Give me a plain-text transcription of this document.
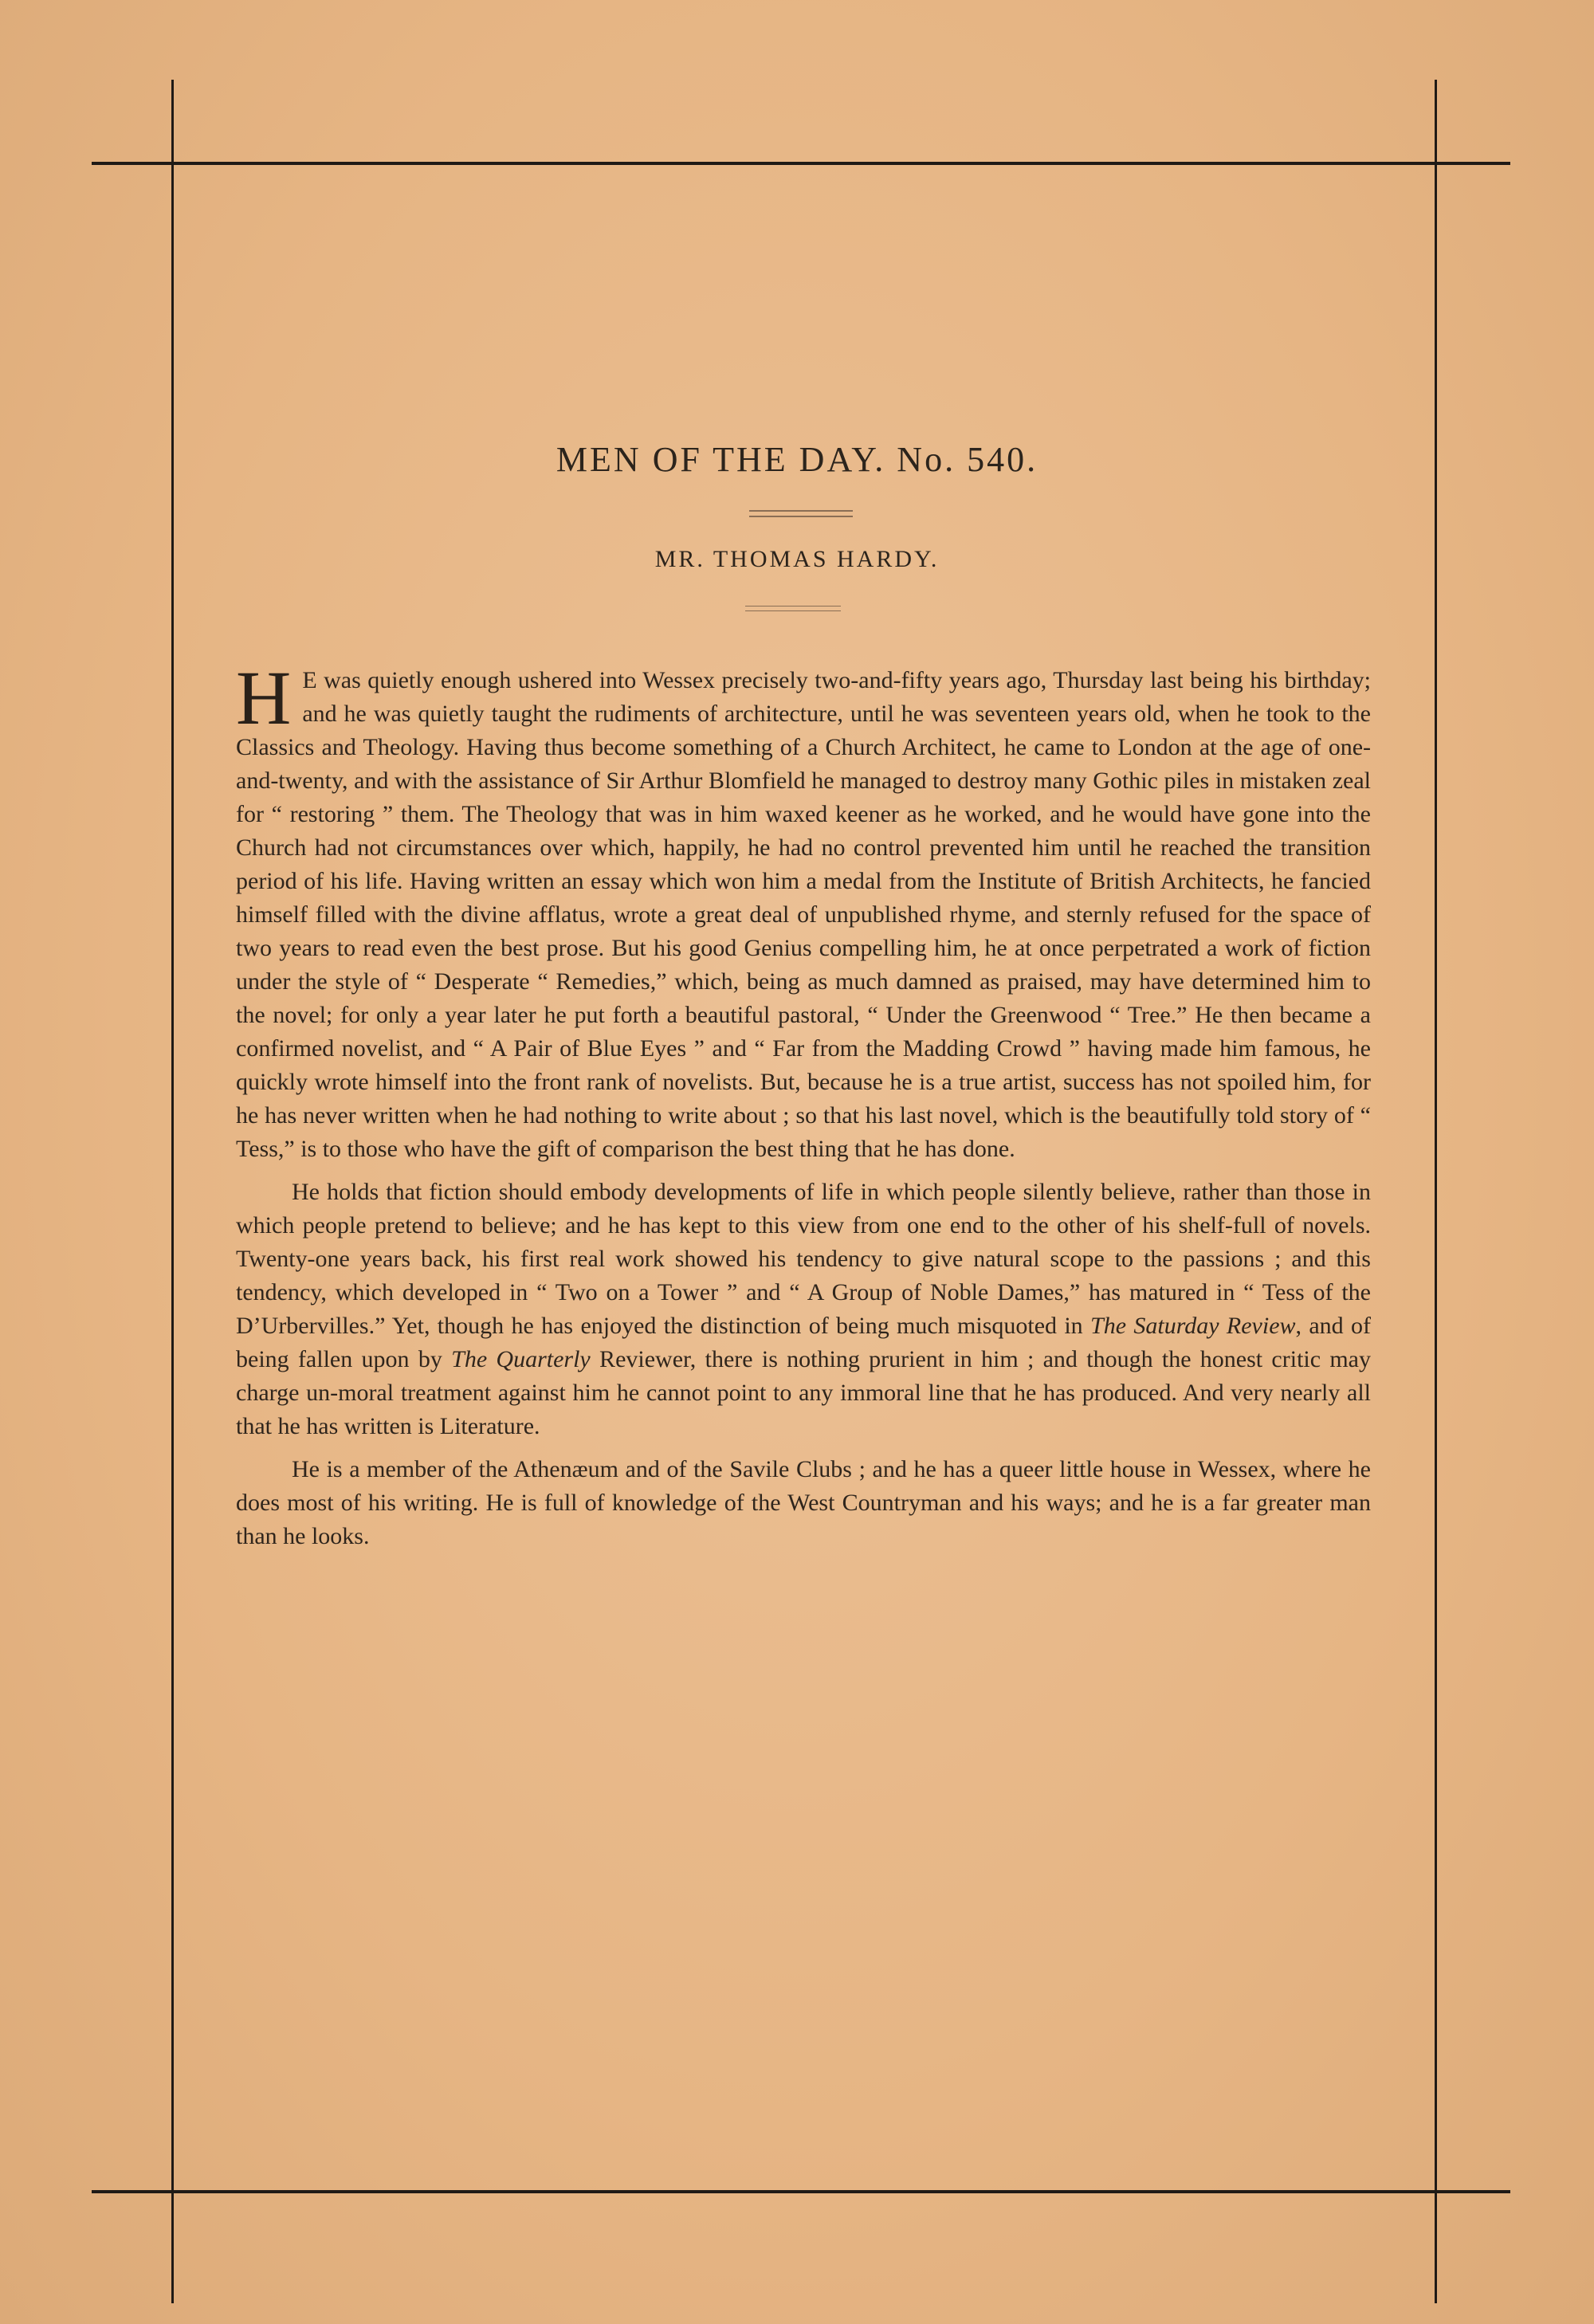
MEN OF THE DAY. No. 540.
MR. THOMAS HARDY.

H E was quietly enough ushered into Wessex precisely two-and-fifty years ago, Thursday last being his birthday; and he was quietly taught the rudiments of architecture, until he was seventeen years old, when he took to the Classics and Theology. Having thus become something of a Church Architect, he came to London at the age of one-and-twenty, and with the assistance of Sir Arthur Blomfield he managed to destroy many Gothic piles in mistaken zeal for “ restoring ” them. The Theology that was in him waxed keener as he worked, and he would have gone into the Church had not circumstances over which, happily, he had no control prevented him until he reached the transition period of his life. Having written an essay which won him a medal from the Institute of British Architects, he fancied himself filled with the divine afflatus, wrote a great deal of unpublished rhyme, and sternly refused for the space of two years to read even the best prose. But his good Genius compelling him, he at once perpetrated a work of fiction under the style of “ Desperate “ Remedies,” which, being as much damned as praised, may have determined him to the novel; for only a year later he put forth a beautiful pastoral, “ Under the Greenwood “ Tree.” He then became a confirmed novelist, and “ A Pair of Blue Eyes ” and “ Far from the Madding Crowd ” having made him famous, he quickly wrote himself into the front rank of novelists. But, because he is a true artist, success has not spoiled him, for he has never written when he had nothing to write about ; so that his last novel, which is the beautifully told story of “ Tess,” is to those who have the gift of comparison the best thing that he has done.

He holds that fiction should embody developments of life in which people silently believe, rather than those in which people pretend to believe; and he has kept to this view from one end to the other of his shelf-full of novels. Twenty-one years back, his first real work showed his tendency to give natural scope to the passions ; and this tendency, which developed in “ Two on a Tower ” and “ A Group of Noble Dames,” has matured in “ Tess of the D’Urbervilles.” Yet, though he has enjoyed the distinction of being much misquoted in The Saturday Review, and of being fallen upon by The Quarterly Reviewer, there is nothing prurient in him ; and though the honest critic may charge un-moral treatment against him he cannot point to any immoral line that he has produced. And very nearly all that he has written is Literature.

He is a member of the Athenæum and of the Savile Clubs ; and he has a queer little house in Wessex, where he does most of his writing. He is full of knowledge of the West Countryman and his ways; and he is a far greater man than he looks.
